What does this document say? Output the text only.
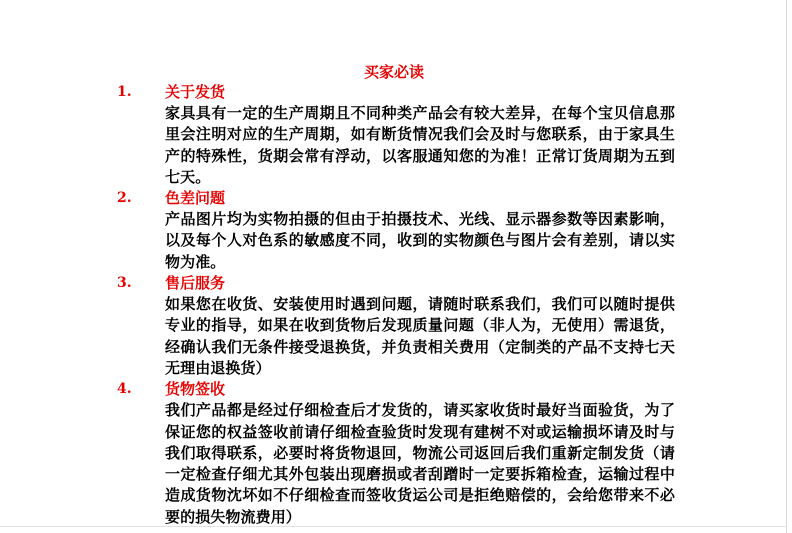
买家必读
1. 关于发货

家具具有一定的生产周期且不同种类产品会有较大差异，在每个宝贝信息那里会注明对应的生产周期，如有断货情况我们会及时与您联系，由于家具生产的特殊性，货期会常有浮动，以客服通知您的为准！正常订货周期为五到七天。

2. 色差问题

产品图片均为实物拍摄的但由于拍摄技术、光线、显示器参数等因素影响，以及每个人对色系的敏感度不同，收到的实物颜色与图片会有差别，请以实物为准。

3. 售后服务

如果您在收货、安装使用时遇到问题，请随时联系我们，我们可以随时提供专业的指导，如果在收到货物后发现质量问题（非人为，无使用）需退货，经确认我们无条件接受退换货，并负责相关费用（定制类的产品不支持七天无理由退换货）

4. 货物签收

我们产品都是经过仔细检查后才发货的，请买家收货时最好当面验货，为了保证您的权益签收前请仔细检查验货时发现有建树不对或运输损坏请及时与我们取得联系，必要时将货物退回，物流公司返回后我们重新定制发货（请一定检查仔细尤其外包装出现磨损或者刮蹭时一定要拆箱检查，运输过程中造成货物沈坏如不仔细检查而签收货运公司是拒绝赔偿的，会给您带来不必要的损失物流费用）
